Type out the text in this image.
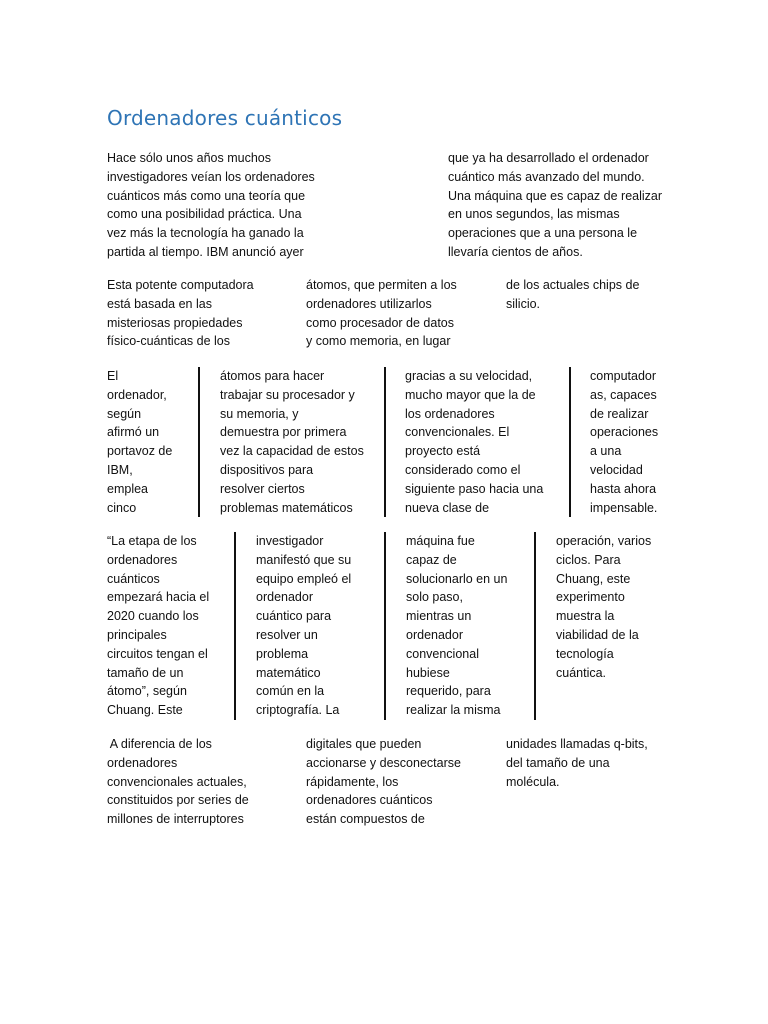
Ordenadores cuánticos

Hace sólo unos años muchos
investigadores veían los ordenadores
cuánticos más como una teoría que
como una posibilidad práctica. Una
vez más la tecnología ha ganado la
partida al tiempo. IBM anunció ayer

que ya ha desarrollado el ordenador
cuántico más avanzado del mundo.
Una máquina que es capaz de realizar
en unos segundos, las mismas
operaciones que a una persona le
llevaría cientos de años.

Esta potente computadora
está basada en las
misteriosas propiedades
físico-cuánticas de los

átomos, que permiten a los
ordenadores utilizarlos
como procesador de datos
y como memoria, en lugar

de los actuales chips de
silicio.

El
ordenador,
según
afirmó un
portavoz de
IBM,
emplea
cinco

átomos para hacer
trabajar su procesador y
su memoria, y
demuestra por primera
vez la capacidad de estos
dispositivos para
resolver ciertos
problemas matemáticos

gracias a su velocidad,
mucho mayor que la de
los ordenadores
convencionales. El
proyecto está
considerado como el
siguiente paso hacia una
nueva clase de

computador
as, capaces
de realizar
operaciones
a una
velocidad
hasta ahora
impensable.

“La etapa de los
ordenadores
cuánticos
empezará hacia el
2020 cuando los
principales
circuitos tengan el
tamaño de un
átomo”, según
Chuang. Este

investigador
manifestó que su
equipo empleó el
ordenador
cuántico para
resolver un
problema
matemático
común en la
criptografía. La

máquina fue
capaz de
solucionarlo en un
solo paso,
mientras un
ordenador
convencional
hubiese
requerido, para
realizar la misma

operación, varios
ciclos. Para
Chuang, este
experimento
muestra la
viabilidad de la
tecnología
cuántica.

A diferencia de los
ordenadores
convencionales actuales,
constituidos por series de
millones de interruptores

digitales que pueden
accionarse y desconectarse
rápidamente, los
ordenadores cuánticos
están compuestos de

unidades llamadas q-bits,
del tamaño de una
molécula.
